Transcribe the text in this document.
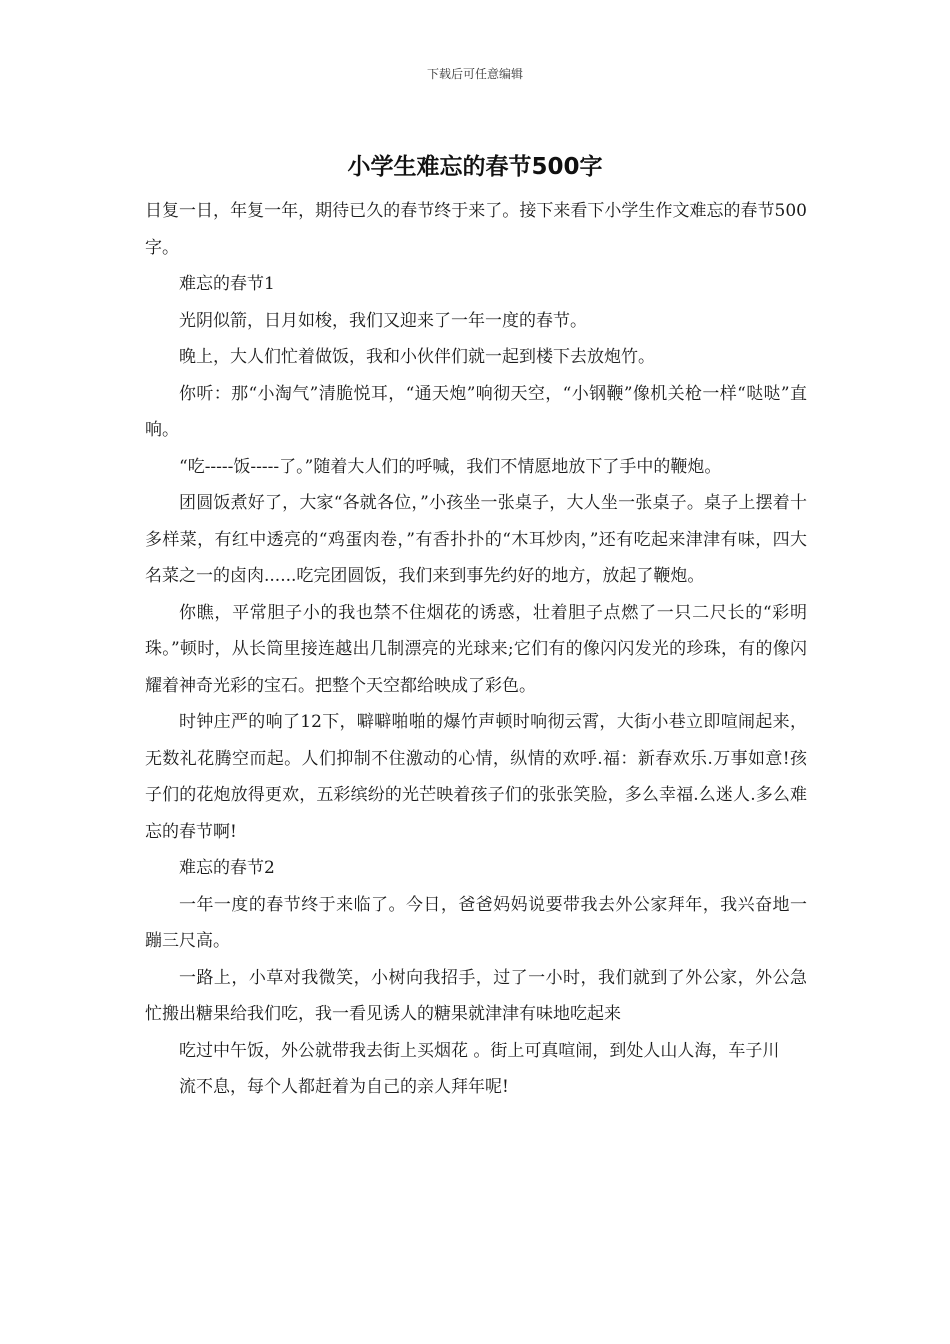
下载后可任意编辑
小学生难忘的春节500字

日复一日，年复一年，期待已久的春节终于来了。接下来看下小学生作文难忘的春节500字。

难忘的春节1

光阴似箭，日月如梭，我们又迎来了一年一度的春节。

晚上，大人们忙着做饭，我和小伙伴们就一起到楼下去放炮竹。

你听：那“小淘气”清脆悦耳，“通天炮”响彻天空，“小钢鞭”像机关枪一样“哒哒”直响。

“吃-----饭-----了。”随着大人们的呼喊，我们不情愿地放下了手中的鞭炮。

团圆饭煮好了，大家“各就各位，”小孩坐一张桌子，大人坐一张桌子。桌子上摆着十多样菜，有红中透亮的“鸡蛋肉卷，”有香扑扑的“木耳炒肉，”还有吃起来津津有味，四大名菜之一的卤肉......吃完团圆饭，我们来到事先约好的地方，放起了鞭炮。

你瞧，平常胆子小的我也禁不住烟花的诱惑，壮着胆子点燃了一只二尺长的“彩明珠。”顿时，从长筒里接连越出几制漂亮的光球来;它们有的像闪闪发光的珍珠，有的像闪耀着神奇光彩的宝石。把整个天空都给映成了彩色。

时钟庄严的响了12下，噼噼啪啪的爆竹声顿时响彻云霄，大街小巷立即喧闹起来，无数礼花腾空而起。人们抑制不住激动的心情，纵情的欢呼.福：新春欢乐.万事如意!孩子们的花炮放得更欢，五彩缤纷的光芒映着孩子们的张张笑脸，多么幸福.么迷人.多么难忘的春节啊!

难忘的春节2

一年一度的春节终于来临了。今日，爸爸妈妈说要带我去外公家拜年，我兴奋地一蹦三尺高。

一路上，小草对我微笑，小树向我招手，过了一小时，我们就到了外公家，外公急忙搬出糖果给我们吃，我一看见诱人的糖果就津津有味地吃起来

吃过中午饭，外公就带我去街上买烟花 。街上可真喧闹，到处人山人海，车子川

流不息，每个人都赶着为自己的亲人拜年呢!
